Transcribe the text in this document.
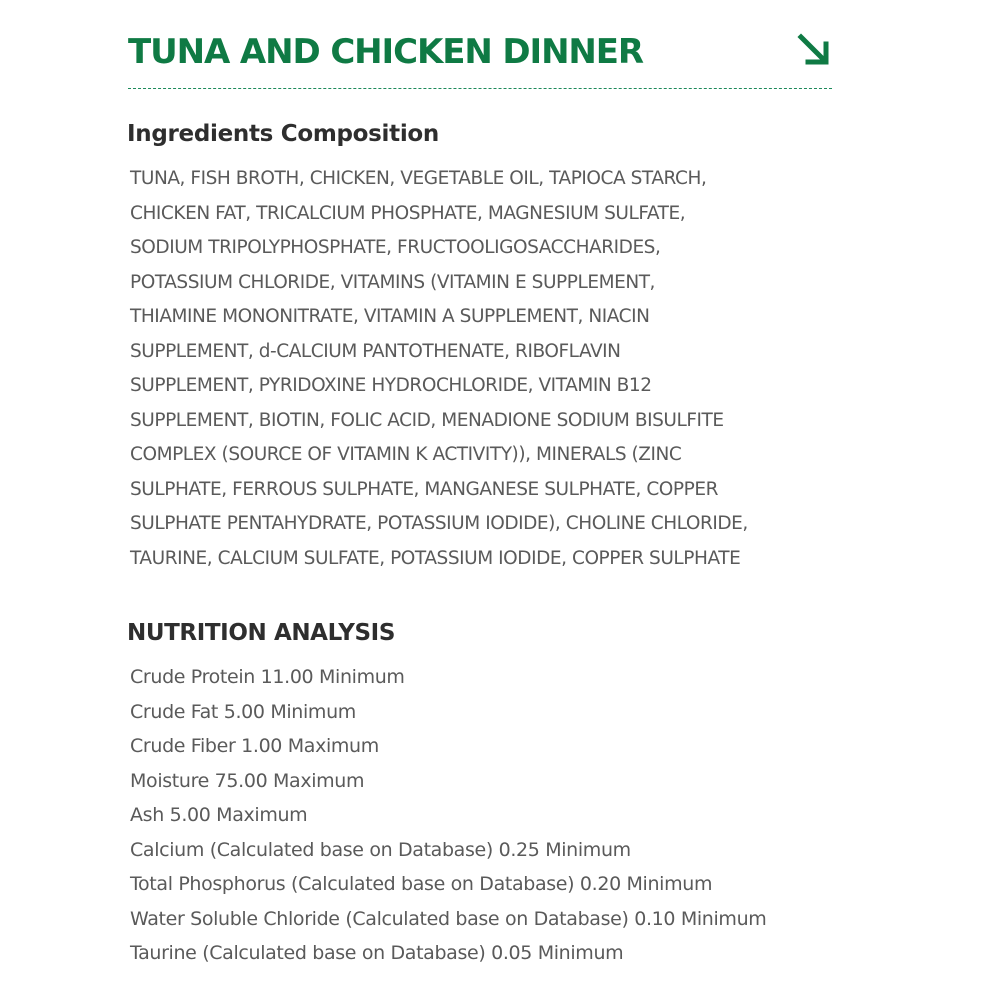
TUNA AND CHICKEN DINNER
Ingredients Composition
TUNA, FISH BROTH, CHICKEN, VEGETABLE OIL, TAPIOCA STARCH,
CHICKEN FAT, TRICALCIUM PHOSPHATE, MAGNESIUM SULFATE,
SODIUM TRIPOLYPHOSPHATE, FRUCTOOLIGOSACCHARIDES,
POTASSIUM CHLORIDE, VITAMINS (VITAMIN E SUPPLEMENT,
THIAMINE MONONITRATE, VITAMIN A SUPPLEMENT, NIACIN
SUPPLEMENT, d-CALCIUM PANTOTHENATE, RIBOFLAVIN
SUPPLEMENT, PYRIDOXINE HYDROCHLORIDE, VITAMIN B12
SUPPLEMENT, BIOTIN, FOLIC ACID, MENADIONE SODIUM BISULFITE
COMPLEX (SOURCE OF VITAMIN K ACTIVITY)), MINERALS (ZINC
SULPHATE, FERROUS SULPHATE, MANGANESE SULPHATE, COPPER
SULPHATE PENTAHYDRATE, POTASSIUM IODIDE), CHOLINE CHLORIDE,
TAURINE, CALCIUM SULFATE, POTASSIUM IODIDE, COPPER SULPHATE
NUTRITION ANALYSIS
Crude Protein 11.00 Minimum
Crude Fat 5.00 Minimum
Crude Fiber 1.00 Maximum
Moisture 75.00 Maximum
Ash 5.00 Maximum
Calcium (Calculated base on Database) 0.25 Minimum
Total Phosphorus (Calculated base on Database) 0.20 Minimum
Water Soluble Chloride (Calculated base on Database) 0.10 Minimum
Taurine (Calculated base on Database) 0.05 Minimum
